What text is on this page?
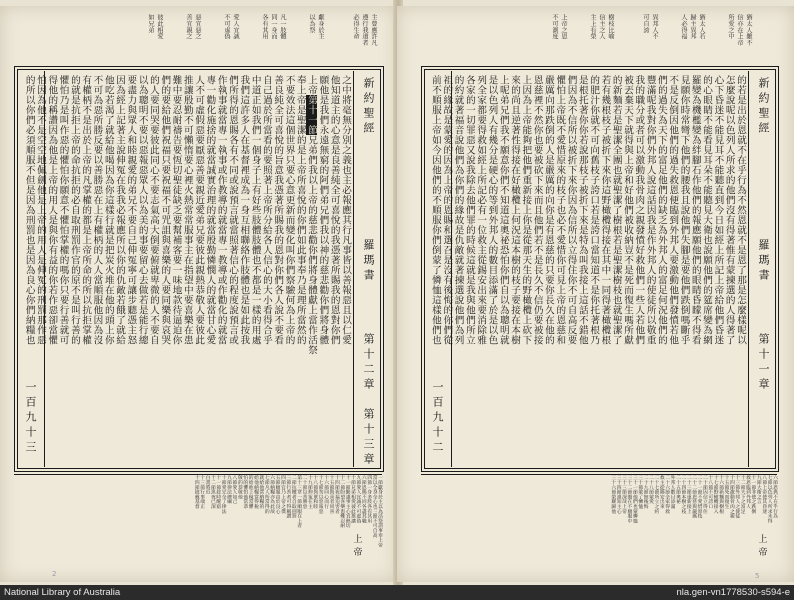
主曾應許凡
遵行我道者
必得生命
獻身於主
以為祭
凡一肢體
同一身而
各有其用
愛人宜誠
不可虛偽
惡宜惡之
善宜親之
彼此相愛
如兄弟
新約聖經
羅瑪書
第十二章　第十三章
一百九十三
之中將毫無分別之義也主必報應其行凡事皆以善報惡且以仁愛
他知道主的心意是良善純全可喜悅的我憑著所賜我的恩對你們
願他是我們永遠無窮的阿們弟兄們我以神的慈悲勸你們將身體
上帝第十一節兄弟們我以上帝的慈悲勸你們將身體獻上當作活祭
奉上帝是聖潔的是上帝所喜悅的你們如此事奉乃是理所當然的
不要效法這個世界只要心意更新而變化叫你們察驗何為上帝的
善良純全可喜悅的旨意我憑著所賜我的恩對你們各人說不要看
自己過於所當看的要照著上帝所分給各人信心的大小看得合乎
中道正如我們一個身子上有好些肢體肢體也不都是一樣的用處
我們這許多人在基督裡成為一身互相聯絡作肢體也是如此按我
們所得的恩賜各有不同或說預言就當照著信心的程度說預言或
作執事就當專一執事或作教導的就當專一教導或作勸化的就當
專一勸化施捨的就當誠實治理的就當殷勤憐憫人的就當甘心愛
人不可虛假惡要厭惡善要親近愛弟兄要彼此親熱恭敬人要彼此
推讓殷勤不可懶惰要心裡火熱常常服事主在指望中要喜樂在患
難中要忍耐禱告要恆切聖徒缺乏要幫補客要一味地款待逼迫你
們的要給他們祝福只要祝福不可咒詛與喜樂的人要同樂與哀哭
的人要同哭要彼此同心不要志氣高大倒要俯就卑微的人不要自
以為聰明不要以惡報惡眾人以為美的事要留心去做若是能行總
要盡力與眾人和睦親愛的弟兄不要自己伸冤寧可讓步聽憑主怒
因為經上記著主說伸冤在我我必報應所以你的仇敵若餓了就給
他吃若渴了就給他喝因為你這樣行就是把炭火堆在他的頭上你
不可為惡所勝反要以善勝惡在上有權柄的人人當順服他因為沒
有權柄不是出於上帝的凡掌權的都是上帝所命的所以抗拒掌權
的就是抗拒上帝的命抗拒的必自取刑罰作官的原不是叫行善的
懼怕乃是叫作惡的懼怕你願意不懼怕掌權的嗎你只要行善就可
得他的稱讚因為他是上帝的用人是與你有益的你若作惡卻當懼
怕因為他不是空空地佩劍他是上帝的用人是伸冤的刑罰那作惡
的所以你們必須順服不但是因為刑罰也是因為良心你們納糧也
一節獻身於主以為活祭謂事奉上帝
當以全身全心也三節不可自高
四節一身多肢各有其用
六節恩賜不同各盡其職
九節愛人宜誠不可虛偽
十節兄弟相愛彼此推讓
十一節勤謹事主心宜熱切
十二節盼望喜樂患難忍耐
十四節祝福迫害者
十五節與喜者同喜
十六節同心而行
十七節勿以惡報惡
十八節與眾和睦
十九節伸冤在主
二十節以善勝惡
第十三章一節順服在上者
二節抗權者自取刑罰
三節行善者可得稱讚
四節官乃上帝之僕
五節順服由於良心
六節納糧亦為此故
七節凡人所當得的
就給他當納糧的
給他納糧當得稅
的給他上稅當懼
怕的懼怕他當恭
敬的恭敬他
八節愛人如己
九節律法總綱
十節愛完全了律法
十一節趁時醒寤
十二節黑夜已深
白晝將近
十三節行事端正
十四節披戴基督
上帝
2
猶太人雖不
信亦在上帝
所愛之中
猶太人若
歸主異邦
人必得福
異邦人不
可自誇
樹枝比喻
信主之人
主上有榮
上帝之恩
不可測度
新約聖經
羅瑪書
第十一章
一百九十二
的若是出於恩就不在乎行為不然恩就不是恩了那是怎麼樣呢以
怎麼說呢以色列人所求的他們沒有得著惟有蒙揀選的人得著了
心下昏迷不能見耳不能聽直到今日如經上所記上帝給他們昏迷
的心眼睛不能看見耳朵不能聽見大衛也說願他們的筵席變為網
羅變為機檻變為絆腳石作他們的報應願他們的眼睛昏矇不得看
見願你時常彎下他們的腰我且說他們失腳是要他們跌倒嗎斷乎
不是反倒因他們的過失救恩便臨到外邦人要激動他們發憤若他
們的過失為天下的富足他們的缺乏為外邦人的富足何況他們的
豐滿呢我對你們外邦人說這話因我是作外邦人的使徒所以敬重
我的職分或者可以激動我骨肉之親發憤好救他們一些人若他們
被丟棄天下就得與上帝和好他們被收納豈不是死而復生嗎所獻
的新麵若是聖潔全團也就聖潔了樹根若是聖潔樹枝也就聖潔了
若有幾根枝子被折下來你這野橄欖得接在其中一同得著橄欖根
的肥汁你就不可向舊枝子誇口若是誇口當知道不是你托著根乃
是根托著你你若說那枝子被折下來是特為叫我接上這話不錯他
們因為不信所以被折下來你因為信所以立得住你不可自高反要
懼怕上帝既不愛惜原來的枝子也必不愛惜你可見上帝的恩慈和
嚴厲向那跌倒的人是嚴厲的向你是有恩慈的只要你長久在他的
恩慈裡不然你也要被砍下來而且他們若不是長久不信仍要被接
上因為上帝能夠把他們重新接上你是從那天生的野橄欖上砍下
來的尚且逆著性得接在好橄欖上何況這本樹的枝子要接在本樹
上呢弟兄們我不願意你們不知道這奧祕恐怕你們自以為聰明就
是以色列人有幾分是硬心的等到外邦人的數目添滿了於是以色
列全家都要得救如經上所記必有一位救主從錫安出來要消除雅
各家的一切罪惡又說我除去他們罪的時候這就是我與他們所立
的約就著福音說他們為你們的緣故是仇敵就著揀選說他們為列
祖的緣故是蒙愛的因為上帝的恩賜和選召是沒有後悔的你們從
前不順服上帝如今因他們的不順服你們倒蒙了憐恤這樣他們也
六節恩典不在乎行為
七節以色列人所求未得
八節上帝使其昏迷
九節大衛之言
十一節非使之跌倒
救恩臨到外邦人
十二節天下之富足
十三節外邦人之使徒
十四節激動骨肉之親
十五節死而復生
十六節新麵與樹根
十七節野橄欖接入
十八節不可誇口
二十節因信立得住
二十一節不愛惜原枝
二十二節恩慈與嚴厲
二十三節重新接上
二十四節本樹之枝
二十五節奧祕
外邦人數目添滿
二十六節全家得救
救主從錫安出來
二十七節所立之約
二十八節蒙愛
二十九節無後悔
三十節蒙了憐恤
三十一節他們也蒙憐恤
三十二節圈在不順服中
三十三節深哉上帝
三十四節誰知主心
三十六節榮耀歸他
上帝
5
National Library of Australia	nla.gen-vn1778530-s594-e
